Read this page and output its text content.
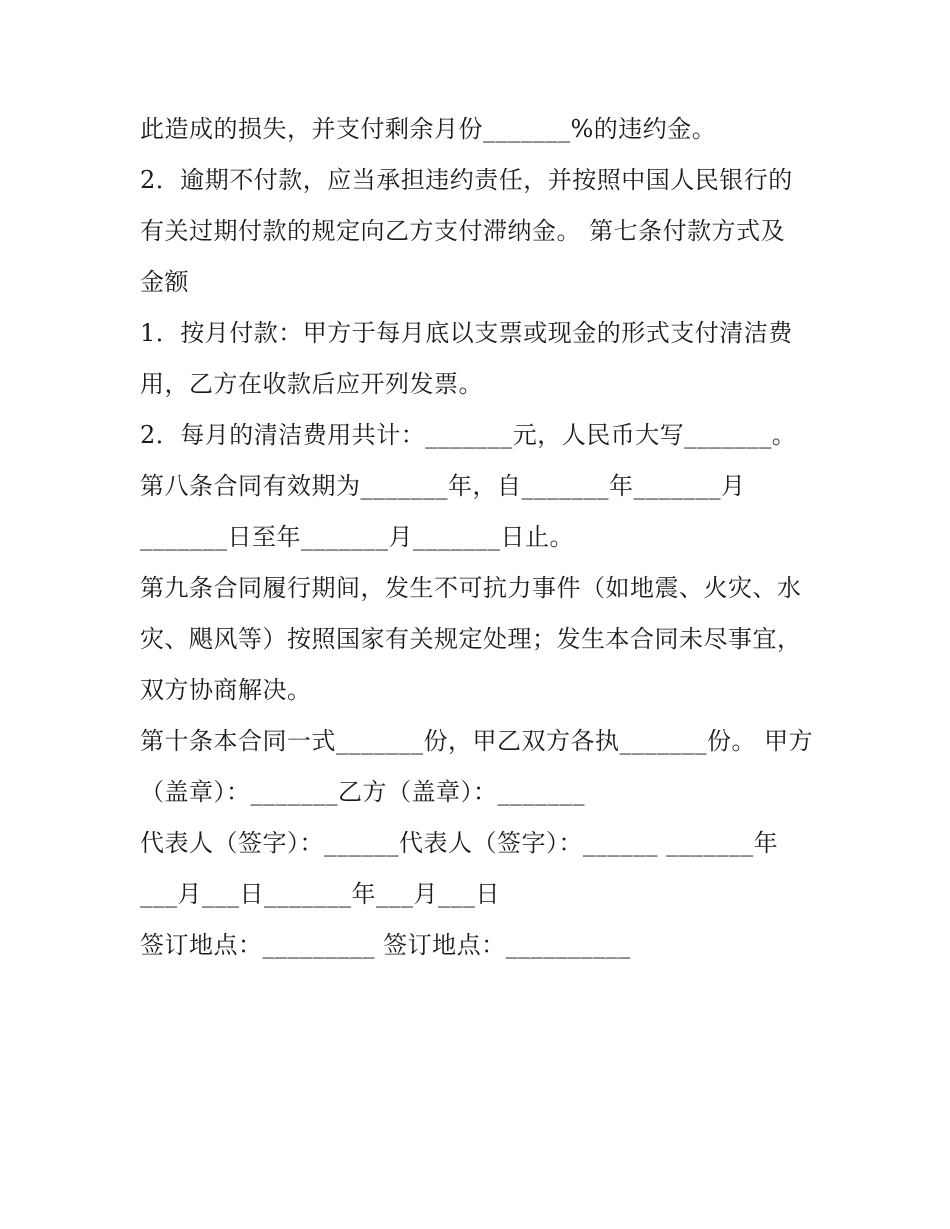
此造成的损失，并支付剩余月份_______%的违约金。
2．逾期不付款，应当承担违约责任，并按照中国人民银行的
有关过期付款的规定向乙方支付滞纳金。 第七条付款方式及
金额
1．按月付款：甲方于每月底以支票或现金的形式支付清洁费
用，乙方在收款后应开列发票。
2．每月的清洁费用共计：_______元，人民币大写_______。
第八条合同有效期为_______年，自_______年_______月
_______日至年_______月_______日止。
第九条合同履行期间，发生不可抗力事件（如地震、火灾、水
灾、飓风等）按照国家有关规定处理；发生本合同未尽事宜，
双方协商解决。
第十条本合同一式_______份，甲乙双方各执_______份。 甲方
（盖章）：_______乙方（盖章）：_______
代表人（签字）：______代表人（签字）：______ _______年
___月___日_______年___月___日
签订地点：_________ 签订地点：__________
